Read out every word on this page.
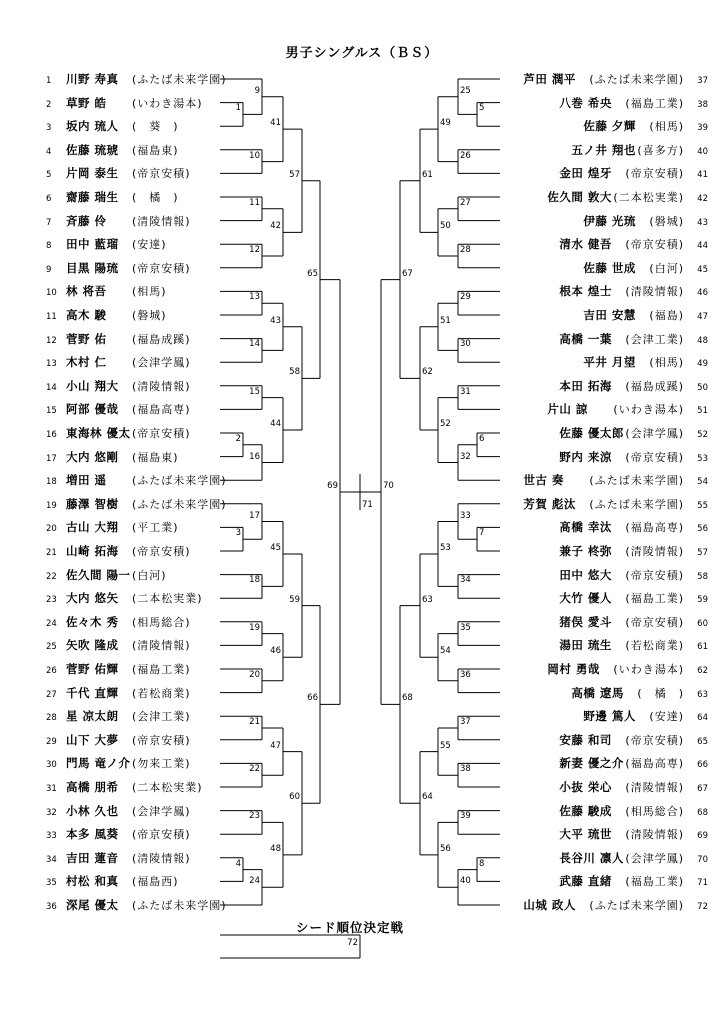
男子シングルス（ＢＳ）
1 川野 寿真 (ふたば未来学園)
2 草野 皓 (いわき湯本)
3 坂内 琉人 (　葵　)
4 佐藤 琉琥 (福島東)
5 片岡 泰生 (帝京安積)
6 齋藤 瑞生 (　橘　)
7 斉藤 伶 (清陵情報)
8 田中 藍瑠 (安達)
9 目黒 陽琉 (帝京安積)
10 林 将吾 (相馬)
11 高木 駿 (磐城)
12 菅野 佑 (福島成蹊)
13 木村 仁 (会津学鳳)
14 小山 翔大 (清陵情報)
15 阿部 優哉 (福島高専)
16 東海林 優太(帝京安積)
17 大内 悠剛 (福島東)
18 増田 遥 (ふたば未来学園)
19 藤澤 智樹 (ふたば未来学園)
20 古山 大翔 (平工業)
21 山崎 拓海 (帝京安積)
22 佐久間 陽一(白河)
23 大内 悠矢 (二本松実業)
24 佐々木 秀 (相馬総合)
25 矢吹 隆成 (清陵情報)
26 菅野 佑輝 (福島工業)
27 千代 直輝 (若松商業)
28 星 凉太朗 (会津工業)
29 山下 大夢 (帝京安積)
30 門馬 竜ノ介(勿来工業)
31 高橋 朋希 (二本松実業)
32 小林 久也 (会津学鳳)
33 本多 風葵 (帝京安積)
34 吉田 蓮音 (清陵情報)
35 村松 和真 (福島西)
36 深尾 優太 (ふたば未来学園)
芦田 潤平 (ふたば未来学園) 37
八巻 希央 (福島工業) 38
佐藤 夕輝 (相馬) 39
五ノ井 翔也(喜多方) 40
金田 煌牙 (帝京安積) 41
佐久間 敦大(二本松実業) 42
伊藤 光琉 (磐城) 43
清水 健吾 (帝京安積) 44
佐藤 世成 (白河) 45
根本 煌士 (清陵情報) 46
吉田 安慧 (福島) 47
高橋 一葉 (会津工業) 48
平井 月望 (相馬) 49
本田 拓海 (福島成蹊) 50
片山 諒 (いわき湯本) 51
佐藤 優太郎(会津学鳳) 52
野内 来涼 (帝京安積) 53
世古 奏 (ふたば未来学園) 54
芳賀 彪汰 (ふたば未来学園) 55
髙橋 幸汰 (福島高専) 56
兼子 柊弥 (清陵情報) 57
田中 悠大 (帝京安積) 58
大竹 優人 (福島工業) 59
猪俣 愛斗 (帝京安積) 60
湯田 琉生 (若松商業) 61
岡村 勇哉 (いわき湯本) 62
高橋 遼馬 (　橘　) 63
野邊 篤人 (安達) 64
安藤 和司 (帝京安積) 65
新妻 優之介(福島高専) 66
小抜 栄心 (清陵情報) 67
佐藤 駿成 (相馬総合) 68
大平 琉世 (清陵情報) 69
長谷川 凛人(会津学鳳) 70
武藤 直緒 (福島工業) 71
山城 政人 (ふたば未来学園) 72
1
9
10
41
11
12
42
57
13
14
43
15
2
16
44
58
65
3
17
18
45
19
20
46
59
21
22
47
23
4
24
48
60
66
69
5
25
26
49
27
28
50
61
29
30
51
31
6
32
52
62
67
7
33
34
53
35
36
54
63
37
38
55
39
8
40
56
64
68
70
71
72
シード順位決定戦
